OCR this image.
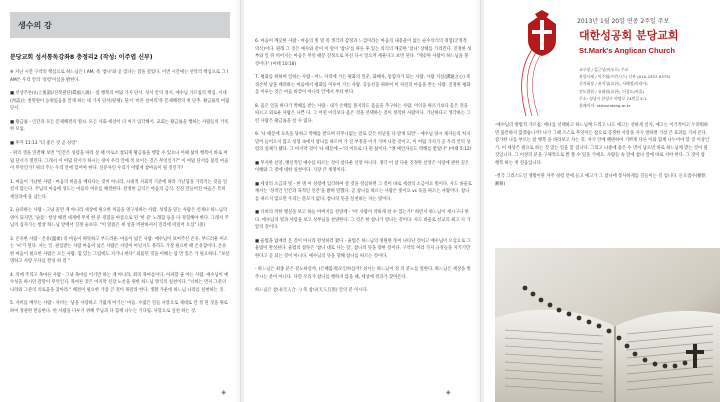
생수의 강
분당교회 성서통독강좌8 충정리2 (작성: 이주엽 신부)

※ 지난 시간 구약의 핵심으로 하느님은 I AM, 즉 '참나'와 곧 있다는 점을 짚었다. 이번 시간에는 선악의 핵심으로 그 I AM은 우리 안의 '성령'이심을 밝힌다.

■ 선상주론(山上垂訓)/진복팔단(眞福八端) - 참 행복의 여덟 가지 단서. 성서 안의 성서, 예수님 가르침의 핵심. 서대(西誌)는 천막원이 동위었음을 알게 하는 네 가지 단서(팔체). 단서 '비본 실마리'즉 문제해결의 첫 단추. 황금률의 여덟 단서.

■ 황금률 - 인간과 모든 문제해결의 열쇠. 모든 사회·세상이 더 여기 입각해서. 교회는 황금률을 행하는 사람들의 거룩한 모임.

■ 후카 11:13 "더 좋은 것 곧 성령"

- 위의 셋을 연결해 보면 "인간은 성령을 따라 살 때 비로소 참되게 황금률을 행할 수 있으나 이때 삶의 행복이 바로 여덟 단서가 열린다. 그래서 이 여덟 단서가 하시는 경이 우리 안에 적 보이는 것은 무엇인가?" 이 여덟 단서를 불일 마음이 무엇인가? 위의 주는 우리 안에 있어야 한다. 신분자인 우리가 어떻게 참마음이 될 것인가?

1. 마음이 가난한 사람 - 마음의 비울을 베타다는 것이 아니라, 시대적 사회적 기준에 따라 가난함을 가리키는 것을 일컫지 않는다. 주님의 마음에 성도는 마음의 여유를 해결한다. 잔정한 금식은 마음의 금식. 진실 만들어진 마음은 특히 세상과에 울 남는다.

2. 슬퍼하는 사람 - 그냥 울면 게 아니라 세상에 필요한 미움을 영구성하는 사람. 성령을 믿는 사람은 언제나 하느님의 영이 되지만, '슬픔'. 항상 해결 세계에 무척 한 분 경험을 아픔으로 된 '한 분' 노래함 등을 다 경험해야 한다. 그래서 주님의 십자가는 항상 하느님 앞에서 진정 슬프다. "이 말씀은 세 상을 비판하셔서 진리에 떠밀어 오심" (중)

3. 온유한 사람 - 온유(溫柔) 즉 마음이 따뜻하고 부드러운. 마음이 넓은 사람. 예수님이 보여주신 온유. 부드러운 미소는 '씨'가 된다. 사는 일. 관심받는 사람 마음이 넓은 사람은 사랑이 아닐지도 몰라도 가장 필요한 때 온유함이다. 온유한 마음이 필요한 사람은 모든 사람. 힘 있는 그럼에도 지거나 한다" 외롭던 것을 이해는 삼 만 있은 가 필요하다. "보살 명하고 사랑 우다를 완성 하 러 "

4. 의에 주리고 목마른 사람 - 그냥 목마름 이기만 하는 게 아니라, 죄의 목마름이다. 아파할 줄 아는 사람. 예수님이 예수성을 하시던 갈망이 무엇인지. 목마른 것은 마지막 신장 노릇을 위한 하느님 방식의 실천이다. "너희는 먼저 그분의 나라와 그분의 의로움을 찾아라." 해결이 필요한 가장 큰 것이 목말라 한다. 생활 가운데 하느님 나라를 실현하는 것.

5. 자비를 베푸는 사람 - 자비는 '남을 사랑하고 가엾게 여기는' 마음. 수많은 일들 사랑으로 제대로 안 정 된 것을 위로하여 정관한 반응한다. 한 사람을 다루기 위해 주님과 다 함께 나누는 기다림. 사랑으로 실천 하는 것.

◈

6. 마음이 깨끗한 사람 - 마음의 빛 빛 즉 생각과 감정과 느낌이라는 마음의 내용물이 없는 순수의식의 경험(궁정적 의식)이다. 원래 그 것은 예수와 같이 이 말이 '참나'를 따른 후 있는 의식의 깨끗한 '참나' 상태를 가리킨다. 진정한 성부와 일 뒤 비어지는 마음은 무엇 때문 진정으로 자신 다시 일으켜 세운다고 보면 된다. "깨끗한 사람이 하느님을 볼 것이다" (마태 10:18)

7. 평화를 위하여 일하는 사람 - 어느 자리에 가든 평화의 일꾼, 화해자, 통합자가 되는 사람. 사람 지실(溝通之心) 즉 경손히 남을 배려하는 마음에서 평화를 이루어 가는 사람. 공동선을 위하여 이 자신의 마음을 쏟는 사람. 진정한 평화를 이루는 것은 마음 바깥이 아니라 안에서 부터 한다.

8. 옳은 일을 하다가 박해를 받는 사람 - 내가 손해를 볼지라도 옳음을 추구하는 사람. 이익을 따르기보다 옳은 것을 따르고 외로운 사람은 나쁜 다. 그 어떤 이익보다 옳은 것을 선택하는 것이 정직한 사람이다. 가난하다고 생각하는 그런 사람은 황금률을 살 수 없다.

9. '나 때문에 모욕을 당하고 박해를 받으며 터무니없는 말로 갖은 비난을 다 받게 되면' - 예수님 당시 제자들의 처지. 믿어 들어오지 않고 성령 속에서 참나를 따르며 가 진 부정을 이겨 가며 나갈 것이고, 이 여덟 가지가 곧 우리 안의 성령의 실체가 됐다. 그 마지막 것이 '나 때문에 ~'의 이유로 다 된 삶이다. "옛 예언자들도 박해를 받았다" (마태 5:12)

■ 무지한 신앙, 맹신적인 예수를 따르는 것이 참다운 신앙 아니다. 생각 이 참 다운 진정한 신앙은 사랑에 관한 깊은 이해와 그 것에 대한 실천이다. 가장 큰 계명이다.

■ 세상의 소금과 빛 - 한 명 이 성령에 입각하여 살 것을 결심하면 그 것이 바로 세상의 소금이요 빛이다. 사도 바울로께서는 '성적인 인간과 육적인 인간'을 밝혀 말했다. 곧 참나를 따르는 사람은 빛이요 vs 육을 따르는 사람이다. 참나를 따르지 않으면 우리는 쓸모가 없다. 참나의 뜻을 실천하는 자는 빛이다.

■ 너희의 착한 행실을 보고 하늘 아버지를 찬양케 - '아' 사람이 착하게 살 수 있는가!' 하면서 하느님이 계시구나 한다. 에수님의 빛과 사랑을 보고 성부님을 찬양한다. 그 것은 한 참나가 빛나는 것이다. 사도 바울로 선교의 최고 지 가 앞의 것이다.

■ 율법을 없애러 온 것이 아니라 완성하러 왔다 - 율법은 하느님의 영원한 뜻이 나타난 것이고 예수님이 오심으로 그 율법이 완성된다. 율법의 참뜻은 '참나 대로 사는 것', 참나의 뜻을 향한 것이다. 구약의 여러 가지 규정들을 지키기만 한다고 곧 되는 것이 아니다. 예수님의 뜻을 향해 참나를 따르는 것이다.

- 하느님은 최종 분은 분노하실까, (은혜롭게)모인하심까? 성서는 하느님이 경 의 분노를 말한다. 하느님은 세상을 벌 주시는 분이 아니다. 다만 우리가 참나를 행하지 않을 때, 세상에 결과가 찾아온다.

하느님은 참나(天人合一) 즉 참나(天人互用) 안의 분 이시다.

◈
2013년 1월 20일 연중 2주일 주보
대한성공회 분당교회
St.Mark's Anglican Church
교구장 / 김근상(바오로) 주교
관할사제 / 이주엽(프란시스) 신부 (010-2557-9375)
신자회장 / 윤지성(요한), 서해정(마리아)
전도위원 / 유태원(요한), 이상도(바울)
주소: 성남시 분당구 야탑로 74번길 5-1
홈페이지: skhbundang.or.kr

-예수님의 방법적 가르침: 예나를 선택하고 하느님께 드리고 나도 예고는 선하게 살지, 예고는 이기적이고 두려워하면 불안하지 않겠습니까? 나가 그때 스스로 무엇이든 참으로 공정한 사랑을 자기 열하면 가장 큰 효과를 가져 온다. 참가한 나를 부르는 참 행복 을 바라보고 사는 것. 자기 안에 해변하여 기쁘게 다른 이와 함께 나누어야 할 것 이상인가. 이 세상은 필요로 하는 것 맞는 일을 할 겁니다. 그리고 나중에 좋은 수 면이 남으면 바로 하느님께 받는 것이 될 것입니다. 그 이상의 분을 구체적으로 발 볼 수 있을 거예요. 사람들 속 앞에 참나 앞에 바로 서야 한다. 그 것이 참 행복 하는 첫 걸음입니다.

-결국 그리스도인 생활이란 자주 성령 안에 들고 예고가 그 참나에 봉사하게를 길들이는 길 입니다. 돈오점수(頓悟漸修)
